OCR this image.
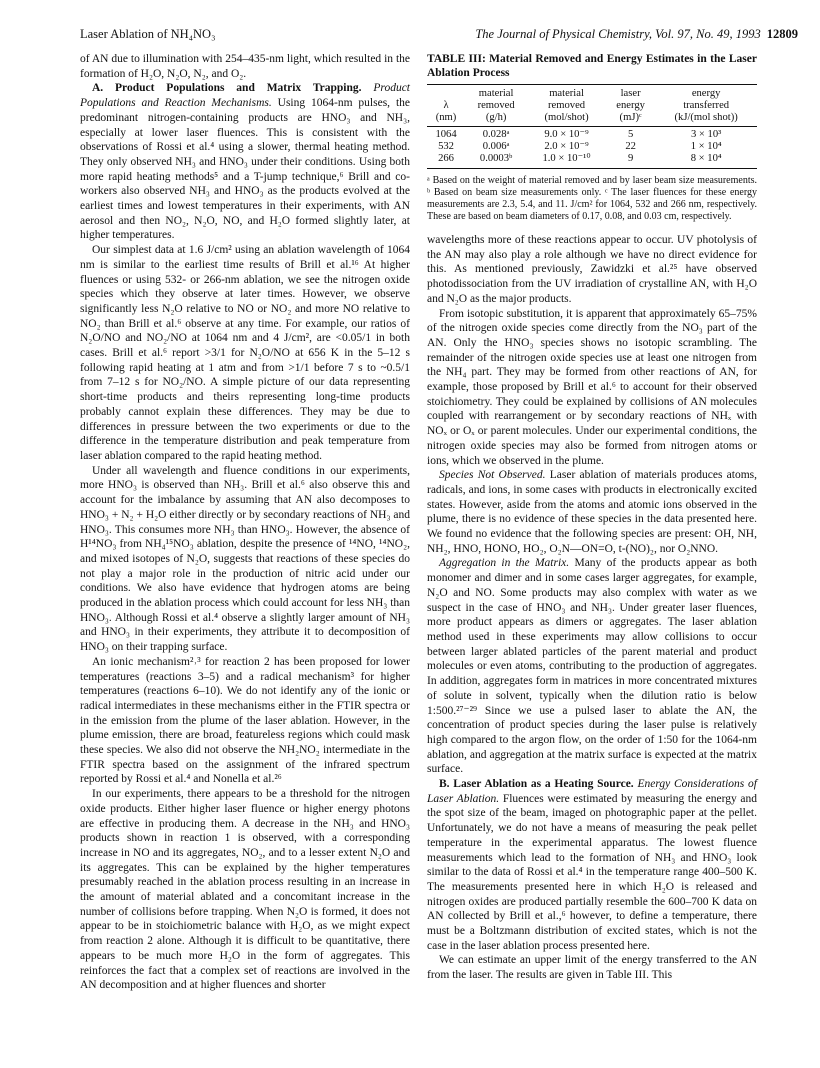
Laser Ablation of NH₄NO₃	The Journal of Physical Chemistry, Vol. 97, No. 49, 1993 12809

of AN due to illumination with 254–435-nm light, which resulted in the formation of H₂O, N₂O, N₂, and O₂.

A. Product Populations and Matrix Trapping. Product Populations and Reaction Mechanisms. Using 1064-nm pulses, the predominant nitrogen-containing products are HNO₃ and NH₃, especially at lower laser fluences. This is consistent with the observations of Rossi et al.⁴ using a slower, thermal heating method. They only observed NH₃ and HNO₃ under their conditions. Using both more rapid heating methods⁵ and a T-jump technique,⁶ Brill and co-workers also observed NH₃ and HNO₃ as the products evolved at the earliest times and lowest temperatures in their experiments, with AN aerosol and then NO₂, N₂O, NO, and H₂O formed slightly later, at higher temperatures.

Our simplest data at 1.6 J/cm² using an ablation wavelength of 1064 nm is similar to the earliest time results of Brill et al.¹⁶ At higher fluences or using 532- or 266-nm ablation, we see the nitrogen oxide species which they observe at later times. However, we observe significantly less N₂O relative to NO or NO₂ and more NO relative to NO₂ than Brill et al.⁶ observe at any time. For example, our ratios of N₂O/NO and NO₂/NO at 1064 nm and 4 J/cm², are <0.05/1 in both cases. Brill et al.⁶ report >3/1 for N₂O/NO at 656 K in the 5–12 s following rapid heating at 1 atm and from >1/1 before 7 s to ~0.5/1 from 7–12 s for NO₂/NO. A simple picture of our data representing short-time products and theirs representing long-time products probably cannot explain these differences. They may be due to differences in pressure between the two experiments or due to the difference in the temperature distribution and peak temperature from laser ablation compared to the rapid heating method.

Under all wavelength and fluence conditions in our experiments, more HNO₃ is observed than NH₃. Brill et al.⁶ also observe this and account for the imbalance by assuming that AN also decomposes to HNO₃ + N₂ + H₂O either directly or by secondary reactions of NH₃ and HNO₃. This consumes more NH₃ than HNO₃. However, the absence of H¹⁴NO₃ from NH₄¹⁵NO₃ ablation, despite the presence of ¹⁴NO, ¹⁴NO₂, and mixed isotopes of N₂O, suggests that reactions of these species do not play a major role in the production of nitric acid under our conditions. We also have evidence that hydrogen atoms are being produced in the ablation process which could account for less NH₃ than HNO₃. Although Rossi et al.⁴ observe a slightly larger amount of NH₃ and HNO₃ in their experiments, they attribute it to decomposition of HNO₃ on their trapping surface.

An ionic mechanism²˒³ for reaction 2 has been proposed for lower temperatures (reactions 3–5) and a radical mechanism³ for higher temperatures (reactions 6–10). We do not identify any of the ionic or radical intermediates in these mechanisms either in the FTIR spectra or in the emission from the plume of the laser ablation. However, in the plume emission, there are broad, featureless regions which could mask these species. We also did not observe the NH₂NO₂ intermediate in the FTIR spectra based on the assignment of the infrared spectrum reported by Rossi et al.⁴ and Nonella et al.²⁶

In our experiments, there appears to be a threshold for the nitrogen oxide products. Either higher laser fluence or higher energy photons are effective in producing them. A decrease in the NH₃ and HNO₃ products shown in reaction 1 is observed, with a corresponding increase in NO and its aggregates, NO₂, and to a lesser extent N₂O and its aggregates. This can be explained by the higher temperatures presumably reached in the ablation process resulting in an increase in the amount of material ablated and a concomitant increase in the number of collisions before trapping. When N₂O is formed, it does not appear to be in stoichiometric balance with H₂O, as we might expect from reaction 2 alone. Although it is difficult to be quantitative, there appears to be much more H₂O in the form of aggregates. This reinforces the fact that a complex set of reactions are involved in the AN decomposition and at higher fluences and shorter

TABLE III: Material Removed and Energy Estimates in the Laser Ablation Process
	material	material	laser	energy
λ	removed	removed	energy	transferred
(nm)	(g/h)	(mol/shot)	(mJ)ᶜ	(kJ/(mol shot))
1064	0.028ᵃ	9.0 × 10⁻⁹	5	3 × 10³
532	0.006ᵃ	2.0 × 10⁻⁹	22	1 × 10⁴
266	0.0003ᵇ	1.0 × 10⁻¹⁰	9	8 × 10⁴
ᵃ Based on the weight of material removed and by laser beam size measurements. ᵇ Based on beam size measurements only. ᶜ The laser fluences for these energy measurements are 2.3, 5.4, and 11. J/cm² for 1064, 532 and 266 nm, respectively. These are based on beam diameters of 0.17, 0.08, and 0.03 cm, respectively.

wavelengths more of these reactions appear to occur. UV photolysis of the AN may also play a role although we have no direct evidence for this. As mentioned previously, Zawidzki et al.²⁵ have observed photodissociation from the UV irradiation of crystalline AN, with H₂O and N₂O as the major products.

From isotopic substitution, it is apparent that approximately 65–75% of the nitrogen oxide species come directly from the NO₃ part of the AN. Only the HNO₃ species shows no isotopic scrambling. The remainder of the nitrogen oxide species use at least one nitrogen from the NH₄ part. They may be formed from other reactions of AN, for example, those proposed by Brill et al.⁶ to account for their observed stoichiometry. They could be explained by collisions of AN molecules coupled with rearrangement or by secondary reactions of NHₓ with NOₓ or Oₓ or parent molecules. Under our experimental conditions, the nitrogen oxide species may also be formed from nitrogen atoms or ions, which we observed in the plume.

Species Not Observed. Laser ablation of materials produces atoms, radicals, and ions, in some cases with products in electronically excited states. However, aside from the atoms and atomic ions observed in the plume, there is no evidence of these species in the data presented here. We found no evidence that the following species are present: OH, NH, NH₂, HNO, HONO, HO₂, O₂N—ON=O, t-(NO)₂, nor O₂NNO.

Aggregation in the Matrix. Many of the products appear as both monomer and dimer and in some cases larger aggregates, for example, N₂O and NO. Some products may also complex with water as we suspect in the case of HNO₃ and NH₃. Under greater laser fluences, more product appears as dimers or aggregates. The laser ablation method used in these experiments may allow collisions to occur between larger ablated particles of the parent material and product molecules or even atoms, contributing to the production of aggregates. In addition, aggregates form in matrices in more concentrated mixtures of solute in solvent, typically when the dilution ratio is below 1:500.²⁷⁻²⁹ Since we use a pulsed laser to ablate the AN, the concentration of product species during the laser pulse is relatively high compared to the argon flow, on the order of 1:50 for the 1064-nm ablation, and aggregation at the matrix surface is expected at the matrix surface.

B. Laser Ablation as a Heating Source. Energy Considerations of Laser Ablation. Fluences were estimated by measuring the energy and the spot size of the beam, imaged on photographic paper at the pellet. Unfortunately, we do not have a means of measuring the peak pellet temperature in the experimental apparatus. The lowest fluence measurements which lead to the formation of NH₃ and HNO₃ look similar to the data of Rossi et al.⁴ in the temperature range 400–500 K. The measurements presented here in which H₂O is released and nitrogen oxides are produced partially resemble the 600–700 K data on AN collected by Brill et al.,⁶ however, to define a temperature, there must be a Boltzmann distribution of excited states, which is not the case in the laser ablation process presented here.

We can estimate an upper limit of the energy transferred to the AN from the laser. The results are given in Table III. This
